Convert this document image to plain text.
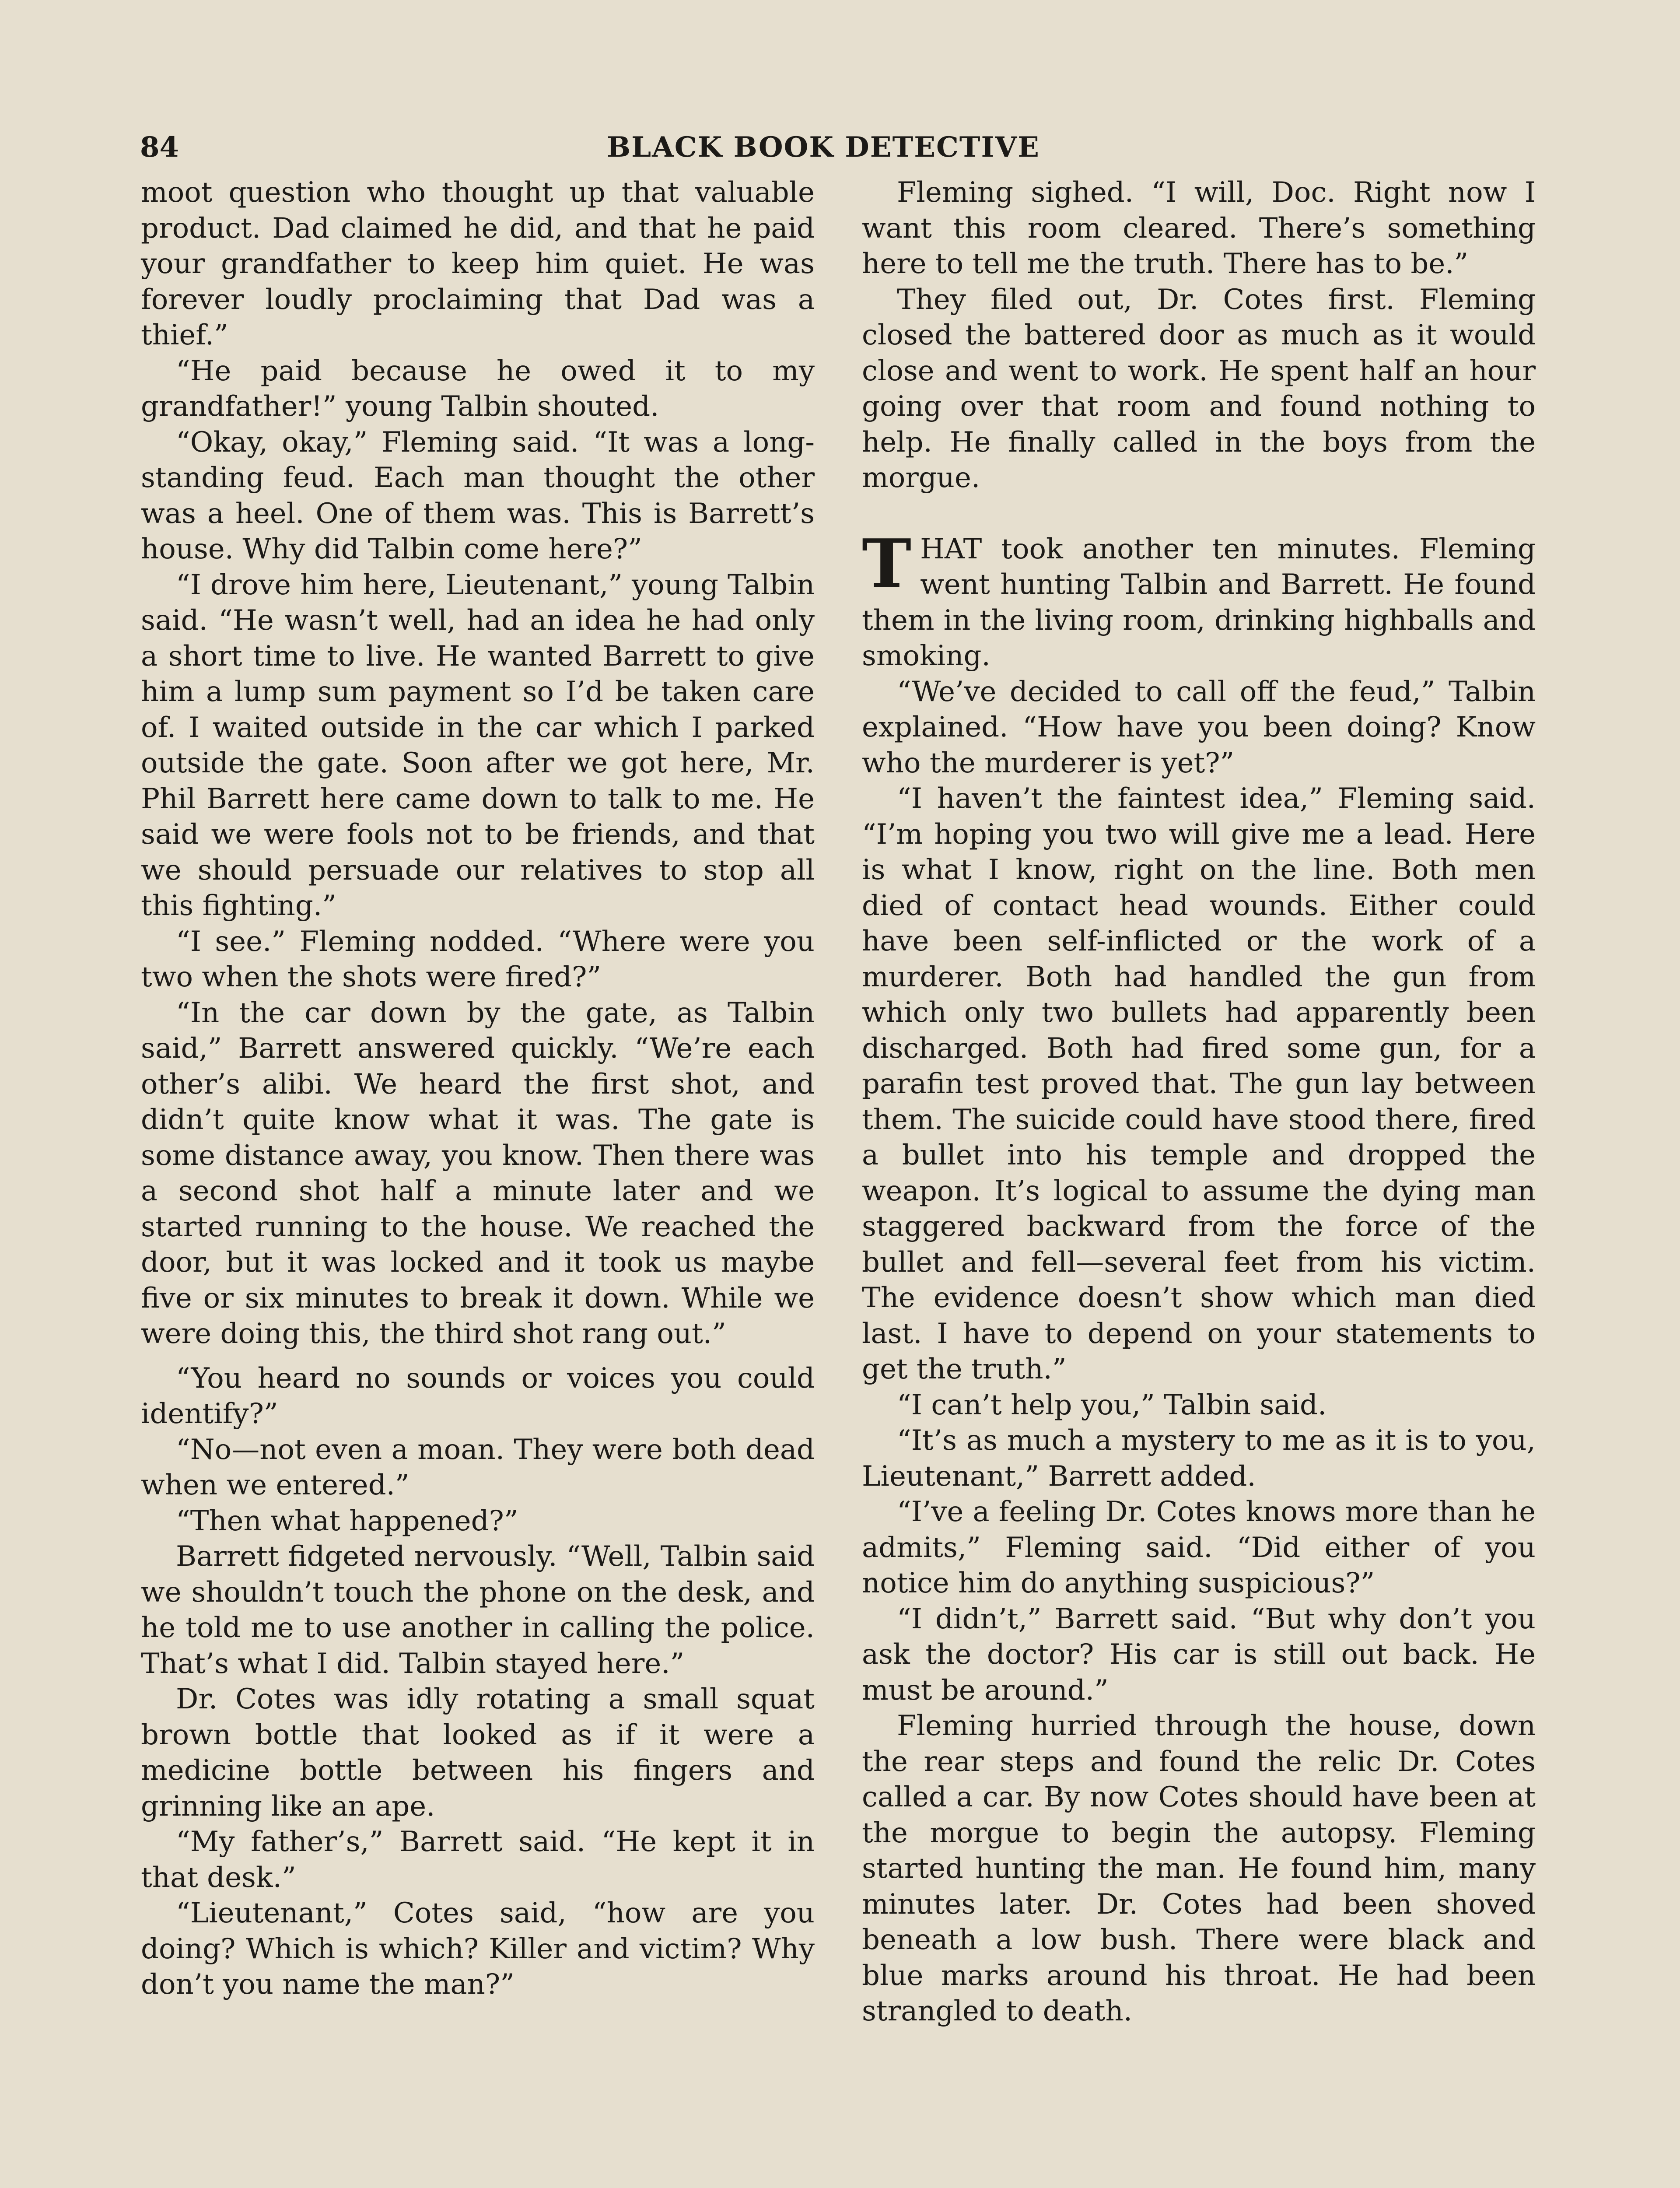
84	BLACK BOOK DETECTIVE

moot question who thought up that valuable product. Dad claimed he did, and that he paid your grandfather to keep him quiet. He was forever loudly proclaiming that Dad was a thief.”

“He paid because he owed it to my grandfather!” young Talbin shouted.

“Okay, okay,” Fleming said. “It was a long-standing feud. Each man thought the other was a heel. One of them was. This is Barrett’s house. Why did Talbin come here?”

“I drove him here, Lieutenant,” young Talbin said. “He wasn’t well, had an idea he had only a short time to live. He wanted Barrett to give him a lump sum payment so I’d be taken care of. I waited outside in the car which I parked outside the gate. Soon after we got here, Mr. Phil Barrett here came down to talk to me. He said we were fools not to be friends, and that we should persuade our relatives to stop all this fighting.”

“I see.” Fleming nodded. “Where were you two when the shots were fired?”

“In the car down by the gate, as Talbin said,” Barrett answered quickly. “We’re each other’s alibi. We heard the first shot, and didn’t quite know what it was. The gate is some distance away, you know. Then there was a second shot half a minute later and we started running to the house. We reached the door, but it was locked and it took us maybe five or six minutes to break it down. While we were doing this, the third shot rang out.”

“You heard no sounds or voices you could identify?”

“No—not even a moan. They were both dead when we entered.”

“Then what happened?”

Barrett fidgeted nervously. “Well, Talbin said we shouldn’t touch the phone on the desk, and he told me to use another in calling the police. That’s what I did. Talbin stayed here.”

Dr. Cotes was idly rotating a small squat brown bottle that looked as if it were a medicine bottle between his fingers and grinning like an ape.

“My father’s,” Barrett said. “He kept it in that desk.”

“Lieutenant,” Cotes said, “how are you doing? Which is which? Killer and victim? Why don’t you name the man?”

Fleming sighed. “I will, Doc. Right now I want this room cleared. There’s something here to tell me the truth. There has to be.”

They filed out, Dr. Cotes first. Fleming closed the battered door as much as it would close and went to work. He spent half an hour going over that room and found nothing to help. He finally called in the boys from the morgue.

THAT took another ten minutes. Fleming went hunting Talbin and Barrett. He found them in the living room, drinking highballs and smoking.

“We’ve decided to call off the feud,” Talbin explained. “How have you been doing? Know who the murderer is yet?”

“I haven’t the faintest idea,” Fleming said. “I’m hoping you two will give me a lead. Here is what I know, right on the line. Both men died of contact head wounds. Either could have been self-inflicted or the work of a murderer. Both had handled the gun from which only two bullets had apparently been discharged. Both had fired some gun, for a parafin test proved that. The gun lay between them. The suicide could have stood there, fired a bullet into his temple and dropped the weapon. It’s logical to assume the dying man staggered backward from the force of the bullet and fell—several feet from his victim. The evidence doesn’t show which man died last. I have to depend on your statements to get the truth.”

“I can’t help you,” Talbin said.

“It’s as much a mystery to me as it is to you, Lieutenant,” Barrett added.

“I’ve a feeling Dr. Cotes knows more than he admits,” Fleming said. “Did either of you notice him do anything suspicious?”

“I didn’t,” Barrett said. “But why don’t you ask the doctor? His car is still out back. He must be around.”

Fleming hurried through the house, down the rear steps and found the relic Dr. Cotes called a car. By now Cotes should have been at the morgue to begin the autopsy. Fleming started hunting the man. He found him, many minutes later. Dr. Cotes had been shoved beneath a low bush. There were black and blue marks around his throat. He had been strangled to death.
